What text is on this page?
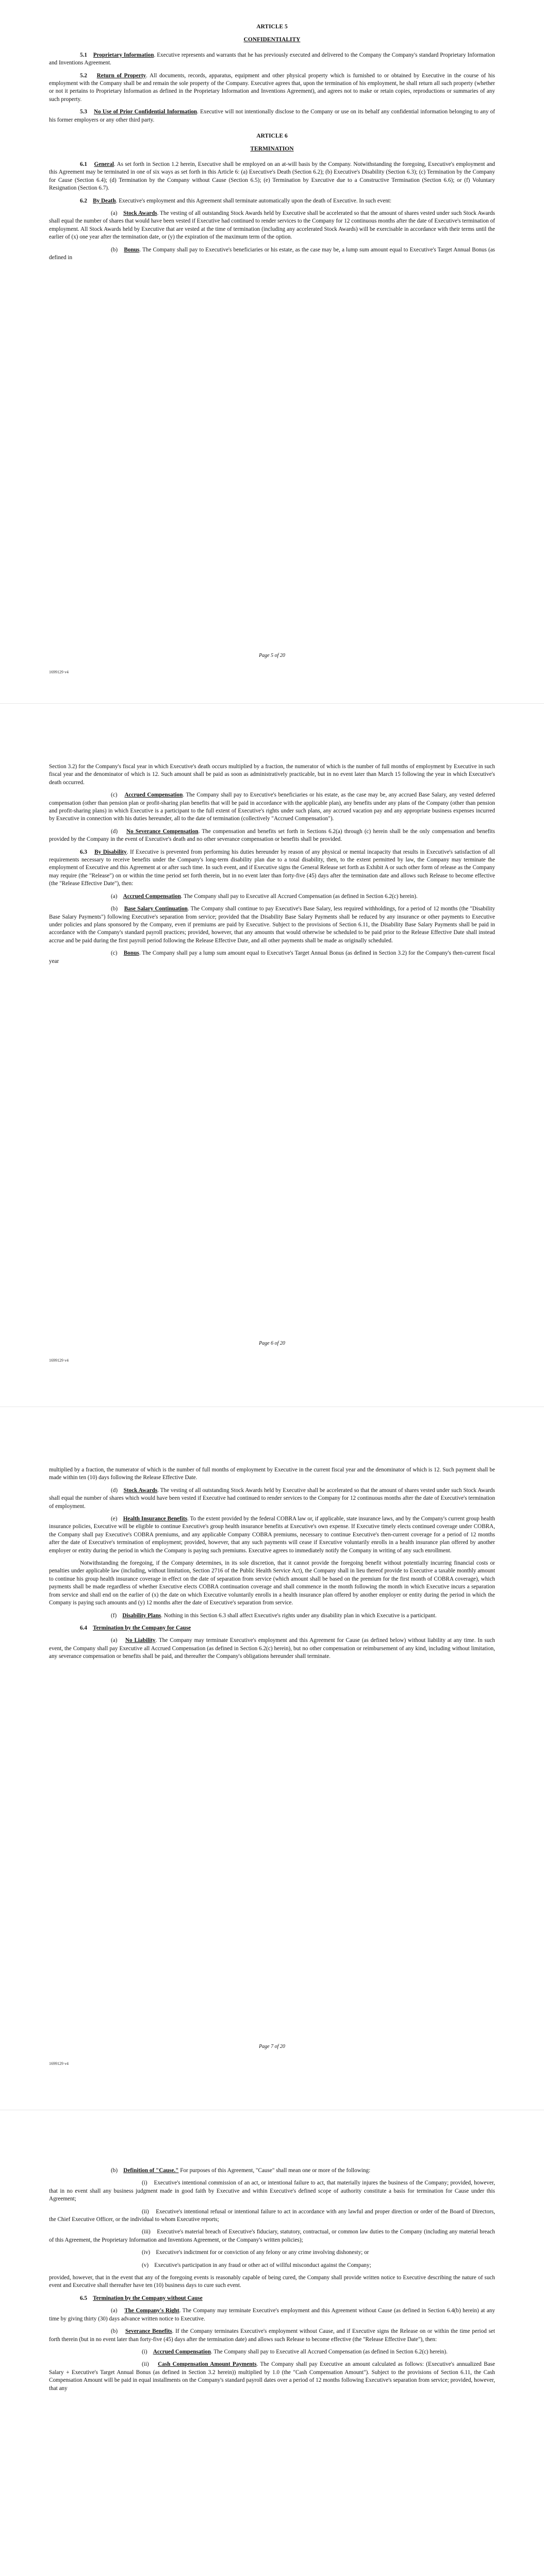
ARTICLE 5
CONFIDENTIALITY

5.1 Proprietary Information. Executive represents and warrants that he has previously executed and delivered to the Company the Company's standard Proprietary Information and Inventions Agreement.

5.2 Return of Property. All documents, records, apparatus, equipment and other physical property which is furnished to or obtained by Executive in the course of his employment with the Company shall be and remain the sole property of the Company. Executive agrees that, upon the termination of his employment, he shall return all such property (whether or not it pertains to Proprietary Information as defined in the Proprietary Information and Inventions Agreement), and agrees not to make or retain copies, reproductions or summaries of any such property.

5.3 No Use of Prior Confidential Information. Executive will not intentionally disclose to the Company or use on its behalf any confidential information belonging to any of his former employers or any other third party.

ARTICLE 6
TERMINATION

6.1 General. As set forth in Section 1.2 herein, Executive shall be employed on an at-will basis by the Company. Notwithstanding the foregoing, Executive's employment and this Agreement may be terminated in one of six ways as set forth in this Article 6: (a) Executive's Death (Section 6.2); (b) Executive's Disability (Section 6.3); (c) Termination by the Company for Cause (Section 6.4); (d) Termination by the Company without Cause (Section 6.5); (e) Termination by Executive due to a Constructive Termination (Section 6.6); or (f) Voluntary Resignation (Section 6.7).

6.2 By Death. Executive's employment and this Agreement shall terminate automatically upon the death of Executive. In such event:

(a) Stock Awards. The vesting of all outstanding Stock Awards held by Executive shall be accelerated so that the amount of shares vested under such Stock Awards shall equal the number of shares that would have been vested if Executive had continued to render services to the Company for 12 continuous months after the date of Executive's termination of employment. All Stock Awards held by Executive that are vested at the time of termination (including any accelerated Stock Awards) will be exercisable in accordance with their terms until the earlier of (x) one year after the termination date, or (y) the expiration of the maximum term of the option.

(b) Bonus. The Company shall pay to Executive's beneficiaries or his estate, as the case may be, a lump sum amount equal to Executive's Target Annual Bonus (as defined in

Page 5 of 20
1699129 v4

Section 3.2) for the Company's fiscal year in which Executive's death occurs multiplied by a fraction, the numerator of which is the number of full months of employment by Executive in such fiscal year and the denominator of which is 12. Such amount shall be paid as soon as administratively practicable, but in no event later than March 15 following the year in which Executive's death occurred.

(c) Accrued Compensation. The Company shall pay to Executive's beneficiaries or his estate, as the case may be, any accrued Base Salary, any vested deferred compensation (other than pension plan or profit-sharing plan benefits that will be paid in accordance with the applicable plan), any benefits under any plans of the Company (other than pension and profit-sharing plans) in which Executive is a participant to the full extent of Executive's rights under such plans, any accrued vacation pay and any appropriate business expenses incurred by Executive in connection with his duties hereunder, all to the date of termination (collectively "Accrued Compensation").

(d) No Severance Compensation. The compensation and benefits set forth in Sections 6.2(a) through (c) herein shall be the only compensation and benefits provided by the Company in the event of Executive's death and no other severance compensation or benefits shall be provided.

6.3 By Disability. If Executive is prevented from performing his duties hereunder by reason of any physical or mental incapacity that results in Executive's satisfaction of all requirements necessary to receive benefits under the Company's long-term disability plan due to a total disability, then, to the extent permitted by law, the Company may terminate the employment of Executive and this Agreement at or after such time. In such event, and if Executive signs the General Release set forth as Exhibit A or such other form of release as the Company may require (the "Release") on or within the time period set forth therein, but in no event later than forty-five (45) days after the termination date and allows such Release to become effective (the "Release Effective Date"), then:

(a) Accrued Compensation. The Company shall pay to Executive all Accrued Compensation (as defined in Section 6.2(c) herein).

(b) Base Salary Continuation. The Company shall continue to pay Executive's Base Salary, less required withholdings, for a period of 12 months (the "Disability Base Salary Payments") following Executive's separation from service; provided that the Disability Base Salary Payments shall be reduced by any insurance or other payments to Executive under policies and plans sponsored by the Company, even if premiums are paid by Executive. Subject to the provisions of Section 6.11, the Disability Base Salary Payments shall be paid in accordance with the Company's standard payroll practices; provided, however, that any amounts that would otherwise be scheduled to be paid prior to the Release Effective Date shall instead accrue and be paid during the first payroll period following the Release Effective Date, and all other payments shall be made as originally scheduled.

(c) Bonus. The Company shall pay a lump sum amount equal to Executive's Target Annual Bonus (as defined in Section 3.2) for the Company's then-current fiscal year

Page 6 of 20
1699129 v4

multiplied by a fraction, the numerator of which is the number of full months of employment by Executive in the current fiscal year and the denominator of which is 12. Such payment shall be made within ten (10) days following the Release Effective Date.

(d) Stock Awards. The vesting of all outstanding Stock Awards held by Executive shall be accelerated so that the amount of shares vested under such Stock Awards shall equal the number of shares which would have been vested if Executive had continued to render services to the Company for 12 continuous months after the date of Executive's termination of employment.

(e) Health Insurance Benefits. To the extent provided by the federal COBRA law or, if applicable, state insurance laws, and by the Company's current group health insurance policies, Executive will be eligible to continue Executive's group health insurance benefits at Executive's own expense. If Executive timely elects continued coverage under COBRA, the Company shall pay Executive's COBRA premiums, and any applicable Company COBRA premiums, necessary to continue Executive's then-current coverage for a period of 12 months after the date of Executive's termination of employment; provided, however, that any such payments will cease if Executive voluntarily enrolls in a health insurance plan offered by another employer or entity during the period in which the Company is paying such premiums. Executive agrees to immediately notify the Company in writing of any such enrollment.

Notwithstanding the foregoing, if the Company determines, in its sole discretion, that it cannot provide the foregoing benefit without potentially incurring financial costs or penalties under applicable law (including, without limitation, Section 2716 of the Public Health Service Act), the Company shall in lieu thereof provide to Executive a taxable monthly amount to continue his group health insurance coverage in effect on the date of separation from service (which amount shall be based on the premium for the first month of COBRA coverage), which payments shall be made regardless of whether Executive elects COBRA continuation coverage and shall commence in the month following the month in which Executive incurs a separation from service and shall end on the earlier of (x) the date on which Executive voluntarily enrolls in a health insurance plan offered by another employer or entity during the period in which the Company is paying such amounts and (y) 12 months after the date of Executive's separation from service.

(f) Disability Plans. Nothing in this Section 6.3 shall affect Executive's rights under any disability plan in which Executive is a participant.

6.4 Termination by the Company for Cause

(a) No Liability. The Company may terminate Executive's employment and this Agreement for Cause (as defined below) without liability at any time. In such event, the Company shall pay Executive all Accrued Compensation (as defined in Section 6.2(c) herein), but no other compensation or reimbursement of any kind, including without limitation, any severance compensation or benefits shall be paid, and thereafter the Company's obligations hereunder shall terminate.

Page 7 of 20
1699129 v4

(b) Definition of "Cause." For purposes of this Agreement, "Cause" shall mean one or more of the following:

(i) Executive's intentional commission of an act, or intentional failure to act, that materially injures the business of the Company; provided, however, that in no event shall any business judgment made in good faith by Executive and within Executive's defined scope of authority constitute a basis for termination for Cause under this Agreement;

(ii) Executive's intentional refusal or intentional failure to act in accordance with any lawful and proper direction or order of the Board of Directors, the Chief Executive Officer, or the individual to whom Executive reports;

(iii) Executive's material breach of Executive's fiduciary, statutory, contractual, or common law duties to the Company (including any material breach of this Agreement, the Proprietary Information and Inventions Agreement, or the Company's written policies);

(iv) Executive's indictment for or conviction of any felony or any crime involving dishonesty; or

(v) Executive's participation in any fraud or other act of willful misconduct against the Company;

provided, however, that in the event that any of the foregoing events is reasonably capable of being cured, the Company shall provide written notice to Executive describing the nature of such event and Executive shall thereafter have ten (10) business days to cure such event.

6.5 Termination by the Company without Cause

(a) The Company's Right. The Company may terminate Executive's employment and this Agreement without Cause (as defined in Section 6.4(b) herein) at any time by giving thirty (30) days advance written notice to Executive.

(b) Severance Benefits. If the Company terminates Executive's employment without Cause, and if Executive signs the Release on or within the time period set forth therein (but in no event later than forty-five (45) days after the termination date) and allows such Release to become effective (the "Release Effective Date"), then:

(i) Accrued Compensation. The Company shall pay to Executive all Accrued Compensation (as defined in Section 6.2(c) herein).

(ii) Cash Compensation Amount Payments. The Company shall pay Executive an amount calculated as follows: (Executive's annualized Base Salary + Executive's Target Annual Bonus (as defined in Section 3.2 herein)) multiplied by 1.0 (the "Cash Compensation Amount"). Subject to the provisions of Section 6.11, the Cash Compensation Amount will be paid in equal installments on the Company's standard payroll dates over a period of 12 months following Executive's separation from service; provided, however, that any
